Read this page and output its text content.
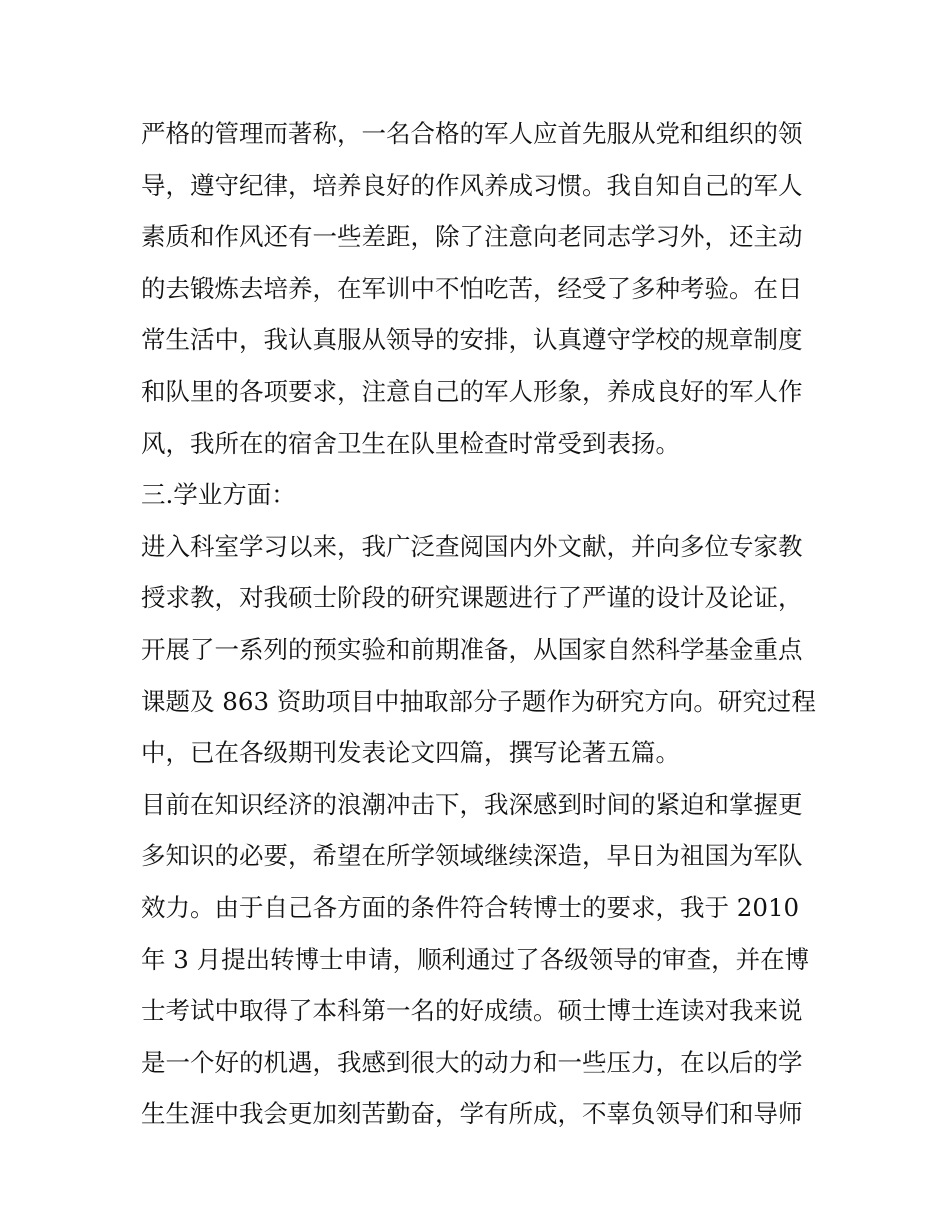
严格的管理而著称，一名合格的军人应首先服从党和组织的领
导，遵守纪律，培养良好的作风养成习惯。我自知自己的军人
素质和作风还有一些差距，除了注意向老同志学习外，还主动
的去锻炼去培养，在军训中不怕吃苦，经受了多种考验。在日
常生活中，我认真服从领导的安排，认真遵守学校的规章制度
和队里的各项要求，注意自己的军人形象，养成良好的军人作
风，我所在的宿舍卫生在队里检查时常受到表扬。
三.学业方面：
进入科室学习以来，我广泛查阅国内外文献，并向多位专家教
授求教，对我硕士阶段的研究课题进行了严谨的设计及论证，
开展了一系列的预实验和前期准备，从国家自然科学基金重点
课题及 863 资助项目中抽取部分子题作为研究方向。研究过程
中，已在各级期刊发表论文四篇，撰写论著五篇。
目前在知识经济的浪潮冲击下，我深感到时间的紧迫和掌握更
多知识的必要，希望在所学领域继续深造，早日为祖国为军队
效力。由于自己各方面的条件符合转博士的要求，我于 2010
年 3 月提出转博士申请，顺利通过了各级领导的审查，并在博
士考试中取得了本科第一名的好成绩。硕士博士连读对我来说
是一个好的机遇，我感到很大的动力和一些压力，在以后的学
生生涯中我会更加刻苦勤奋，学有所成，不辜负领导们和导师
